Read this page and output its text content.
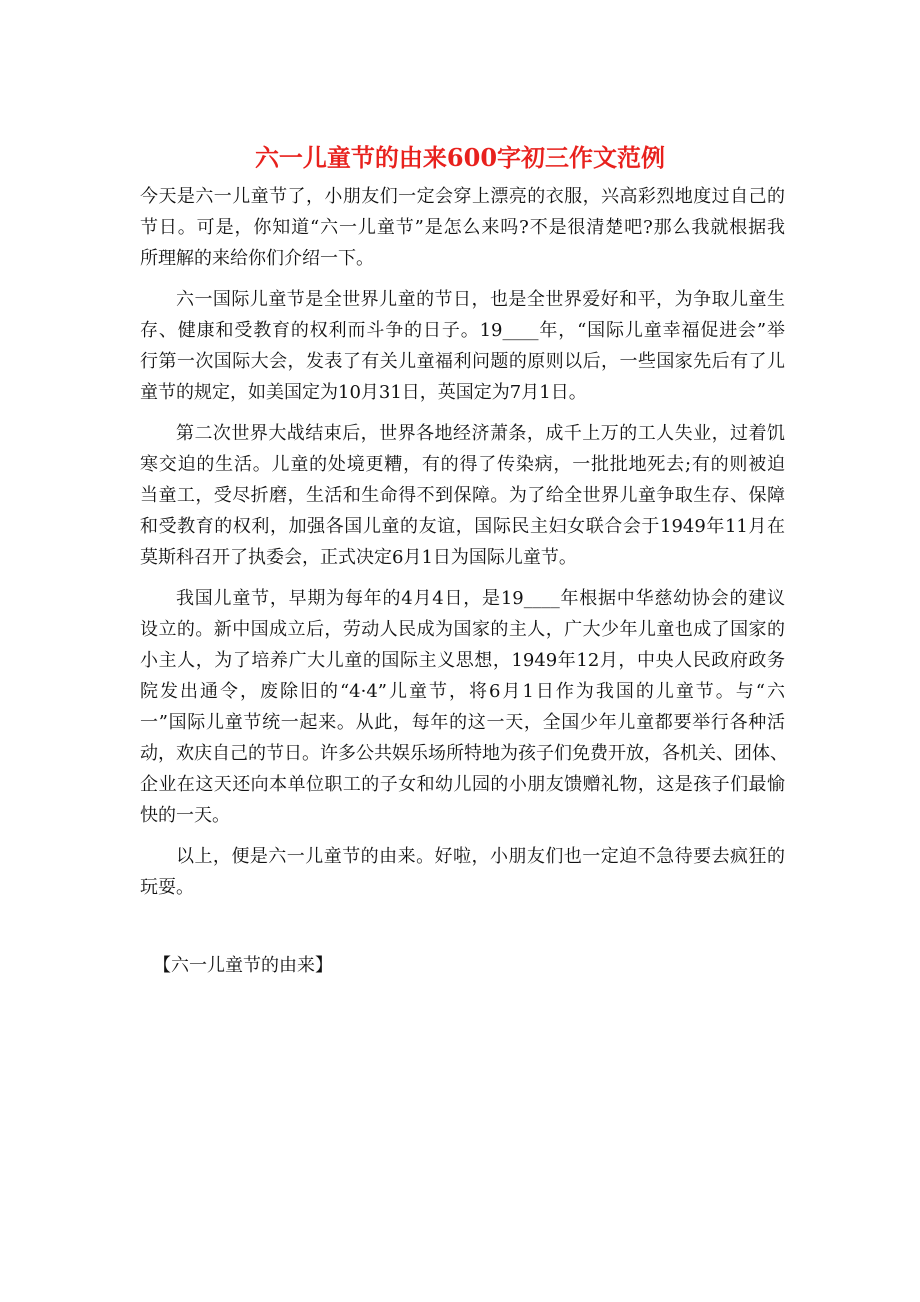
六一儿童节的由来600字初三作文范例
今天是六一儿童节了，小朋友们一定会穿上漂亮的衣服，兴高彩烈地度过自己的
节日。可是，你知道“六一儿童节”是怎么来吗?不是很清楚吧?那么我就根据我
所理解的来给你们介绍一下。
六一国际儿童节是全世界儿童的节日，也是全世界爱好和平，为争取儿童生
存、健康和受教育的权利而斗争的日子。19____年，“国际儿童幸福促进会”举
行第一次国际大会，发表了有关儿童福利问题的原则以后，一些国家先后有了儿
童节的规定，如美国定为10月31日，英国定为7月1日。
第二次世界大战结束后，世界各地经济萧条，成千上万的工人失业，过着饥
寒交迫的生活。儿童的处境更糟，有的得了传染病，一批批地死去;有的则被迫
当童工，受尽折磨，生活和生命得不到保障。为了给全世界儿童争取生存、保障
和受教育的权利，加强各国儿童的友谊，国际民主妇女联合会于1949年11月在
莫斯科召开了执委会，正式决定6月1日为国际儿童节。
我国儿童节，早期为每年的4月4日，是19____年根据中华慈幼协会的建议
设立的。新中国成立后，劳动人民成为国家的主人，广大少年儿童也成了国家的
小主人，为了培养广大儿童的国际主义思想，1949年12月，中央人民政府政务
院发出通令，废除旧的“4·4”儿童节，将6月1日作为我国的儿童节。与“六
一”国际儿童节统一起来。从此，每年的这一天，全国少年儿童都要举行各种活
动，欢庆自己的节日。许多公共娱乐场所特地为孩子们免费开放，各机关、团体、
企业在这天还向本单位职工的子女和幼儿园的小朋友馈赠礼物，这是孩子们最愉
快的一天。
以上，便是六一儿童节的由来。好啦，小朋友们也一定迫不急待要去疯狂的
玩耍。
【六一儿童节的由来】
